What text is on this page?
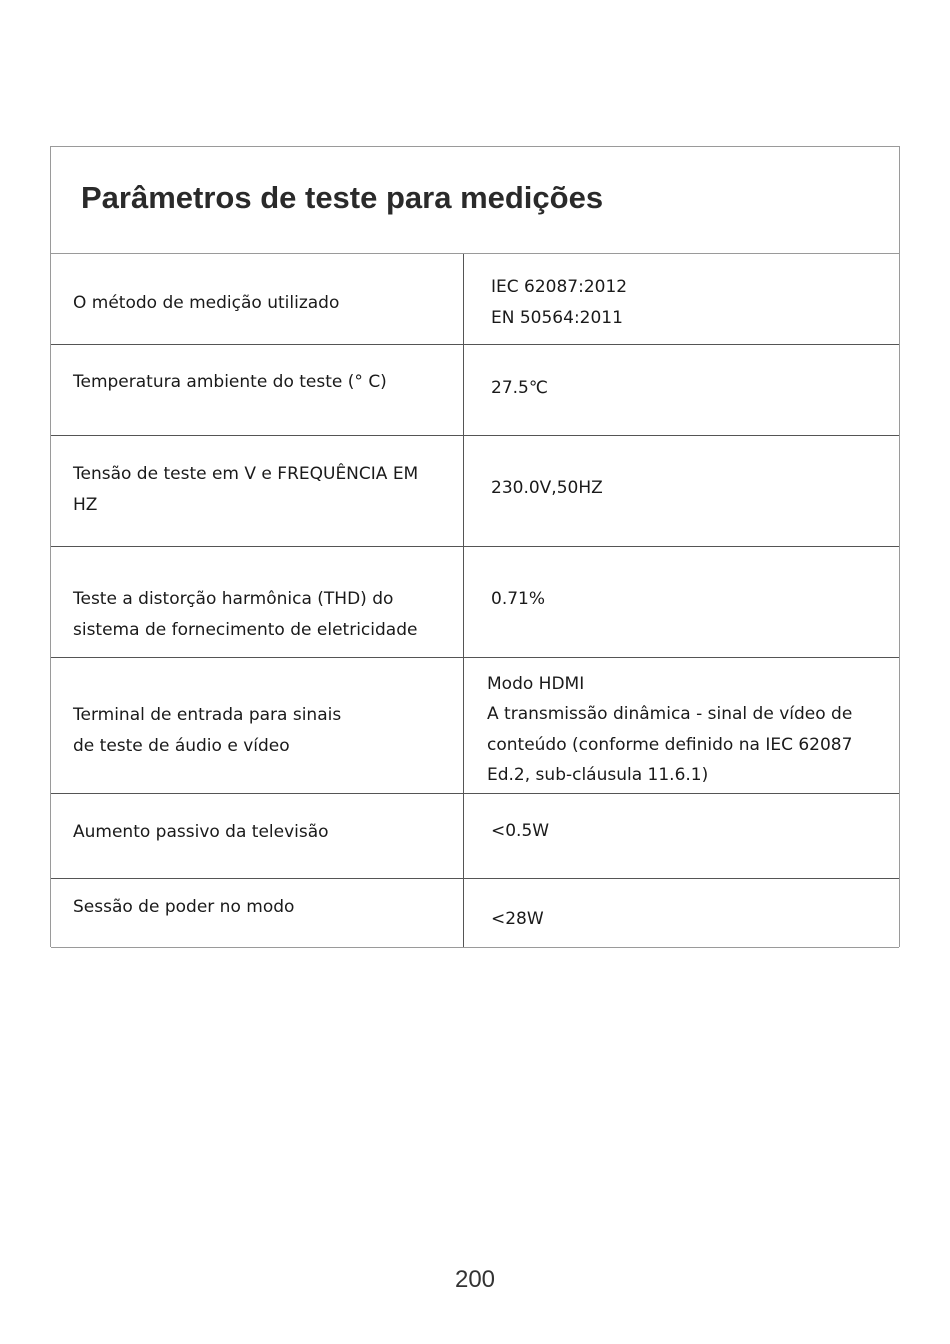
Parâmetros de teste para medições
O método de medição utilizado
IEC 62087:2012
EN 50564:2011
Temperatura ambiente do teste (° C)	27.5℃
Tensão de teste em V e FREQUÊNCIA EM
HZ
230.0V,50HZ
Teste a distorção harmônica (THD) do
sistema de fornecimento de eletricidade
0.71%
Terminal de entrada para sinais
de teste de áudio e vídeo
Modo HDMI
A transmissão dinâmica - sinal de vídeo de
conteúdo (conforme definido na IEC 62087
Ed.2, sub-cláusula 11.6.1)
Aumento passivo da televisão	<0.5W
Sessão de poder no modo
<28W
200
